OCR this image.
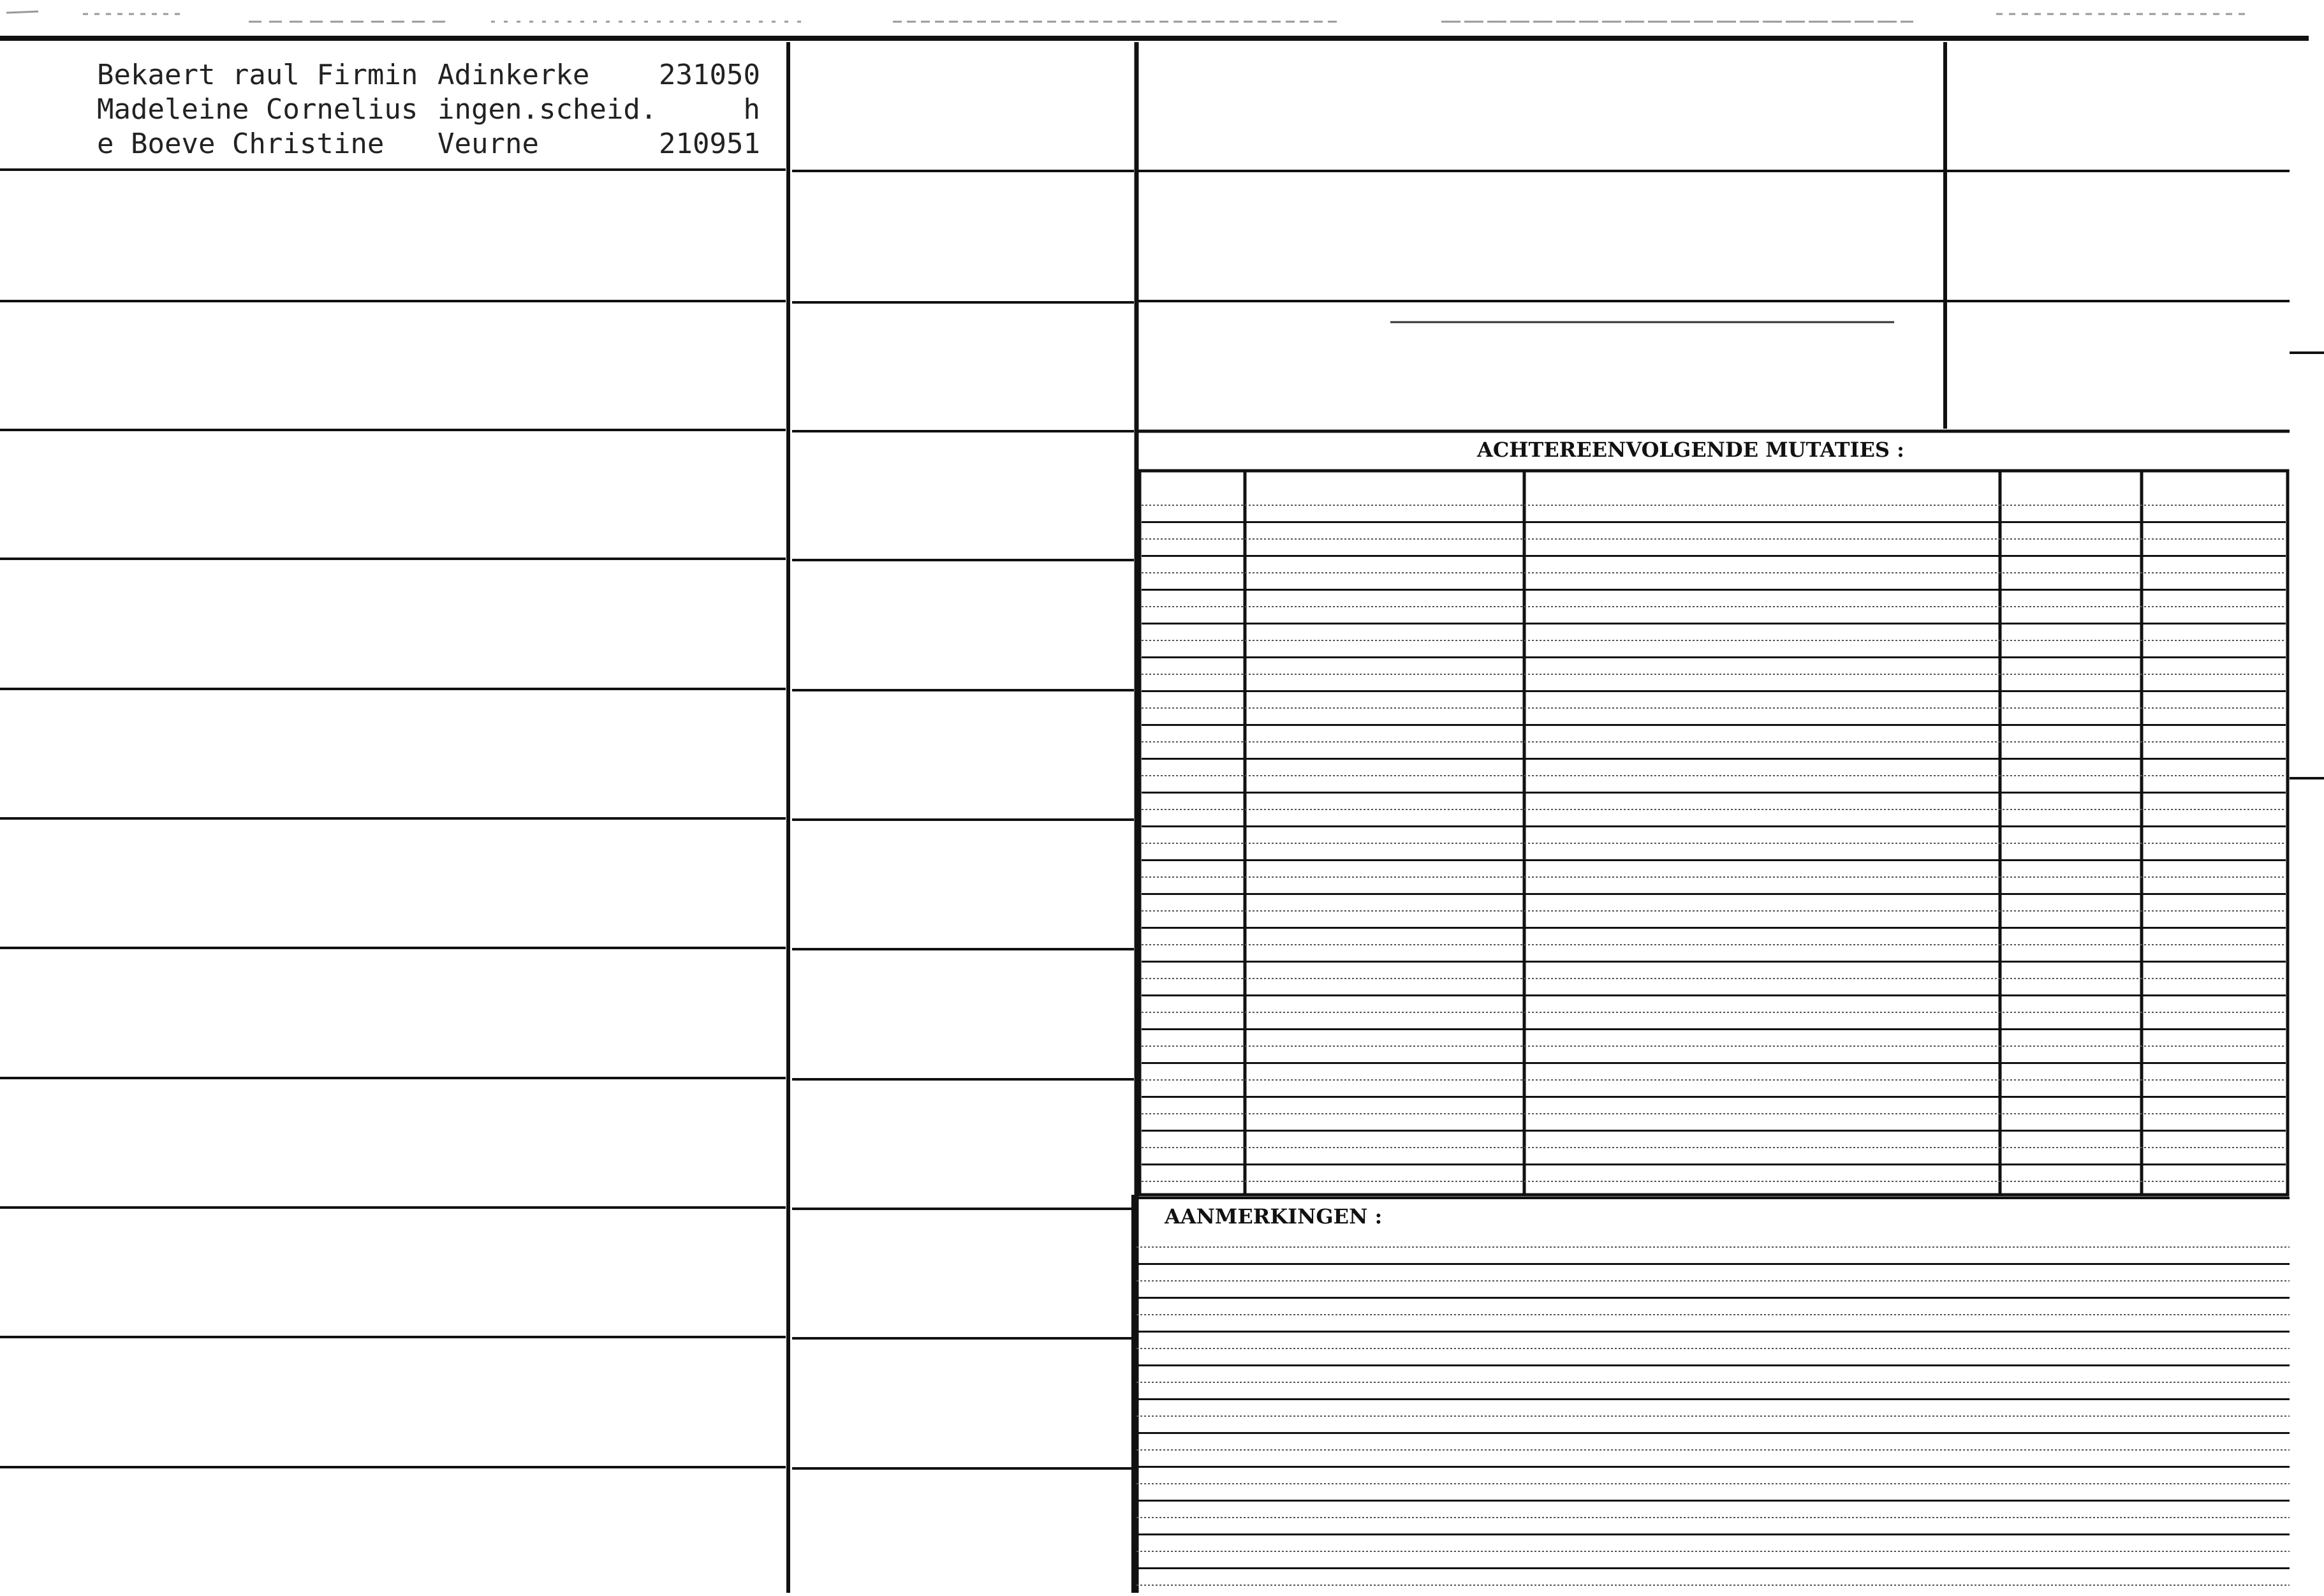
ACHTEREENVOLGENDE MUTATIES :
AANMERKINGEN :
Bekaert raul Firmin
Madeleine Cornelius
e Boeve Christine
Adinkerke
ingen.scheid.
Veurne
231050
h
210951
